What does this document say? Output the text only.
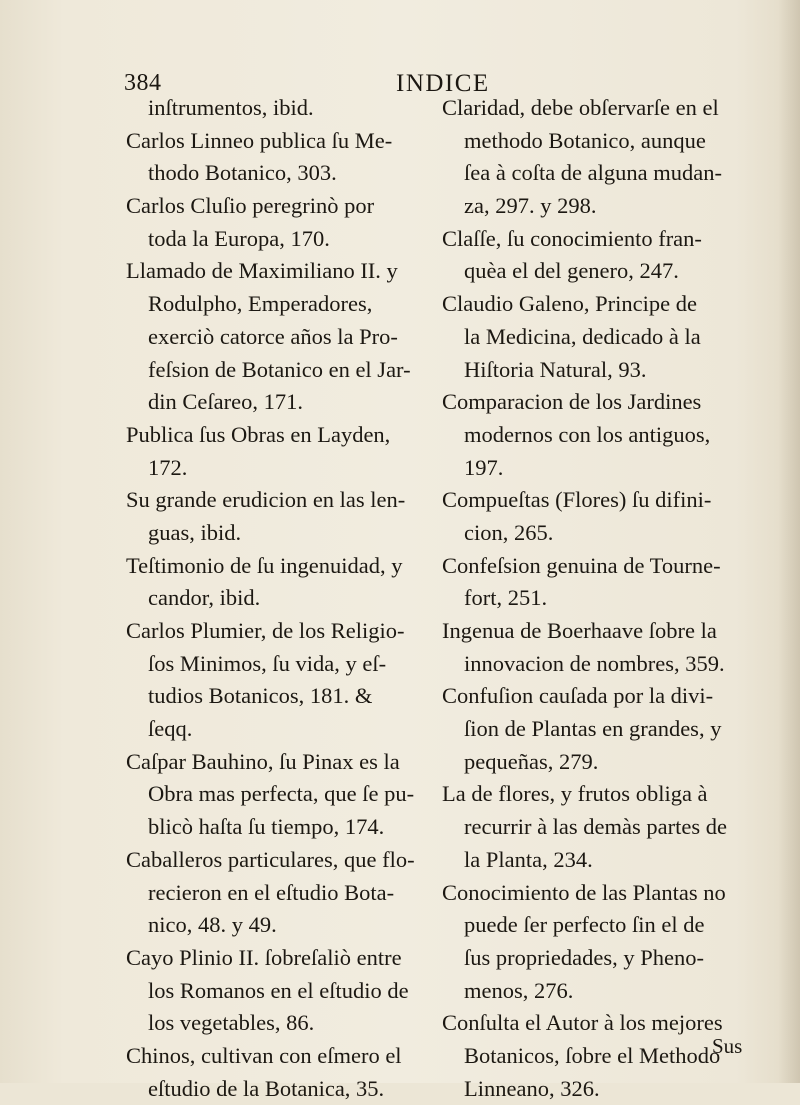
384	INDICE
inſtrumentos, ibid.
Carlos Linneo publica ſu Me-
thodo Botanico, 303.
Carlos Cluſio peregrinò por
toda la Europa, 170.
Llamado de Maximiliano II. y
Rodulpho, Emperadores,
exerciò catorce años la Pro-
feſsion de Botanico en el Jar-
din Ceſareo, 171.
Publica ſus Obras en Layden,
172.
Su grande erudicion en las len-
guas, ibid.
Teſtimonio de ſu ingenuidad, y
candor, ibid.
Carlos Plumier, de los Religio-
ſos Minimos, ſu vida, y eſ-
tudios Botanicos, 181. &
ſeqq.
Caſpar Bauhino, ſu Pinax es la
Obra mas perfecta, que ſe pu-
blicò haſta ſu tiempo, 174.
Caballeros particulares, que flo-
recieron en el eſtudio Bota-
nico, 48. y 49.
Cayo Plinio II. ſobreſaliò entre
los Romanos en el eſtudio de
los vegetables, 86.
Chinos, cultivan con eſmero el
eſtudio de la Botanica, 35.
Claridad, debe obſervarſe en el
methodo Botanico, aunque
ſea à coſta de alguna mudan-
za, 297. y 298.
Claſſe, ſu conocimiento fran-
quèa el del genero, 247.
Claudio Galeno, Principe de
la Medicina, dedicado à la
Hiſtoria Natural, 93.
Comparacion de los Jardines
modernos con los antiguos,
197.
Compueſtas (Flores) ſu difini-
cion, 265.
Confeſsion genuina de Tourne-
fort, 251.
Ingenua de Boerhaave ſobre la
innovacion de nombres, 359.
Confuſion cauſada por la divi-
ſion de Plantas en grandes, y
pequeñas, 279.
La de flores, y frutos obliga à
recurrir à las demàs partes de
la Planta, 234.
Conocimiento de las Plantas no
puede ſer perfecto ſin el de
ſus propriedades, y Pheno-
menos, 276.
Conſulta el Autor à los mejores
Botanicos, ſobre el Methodo
Linneano, 326.
Sus
